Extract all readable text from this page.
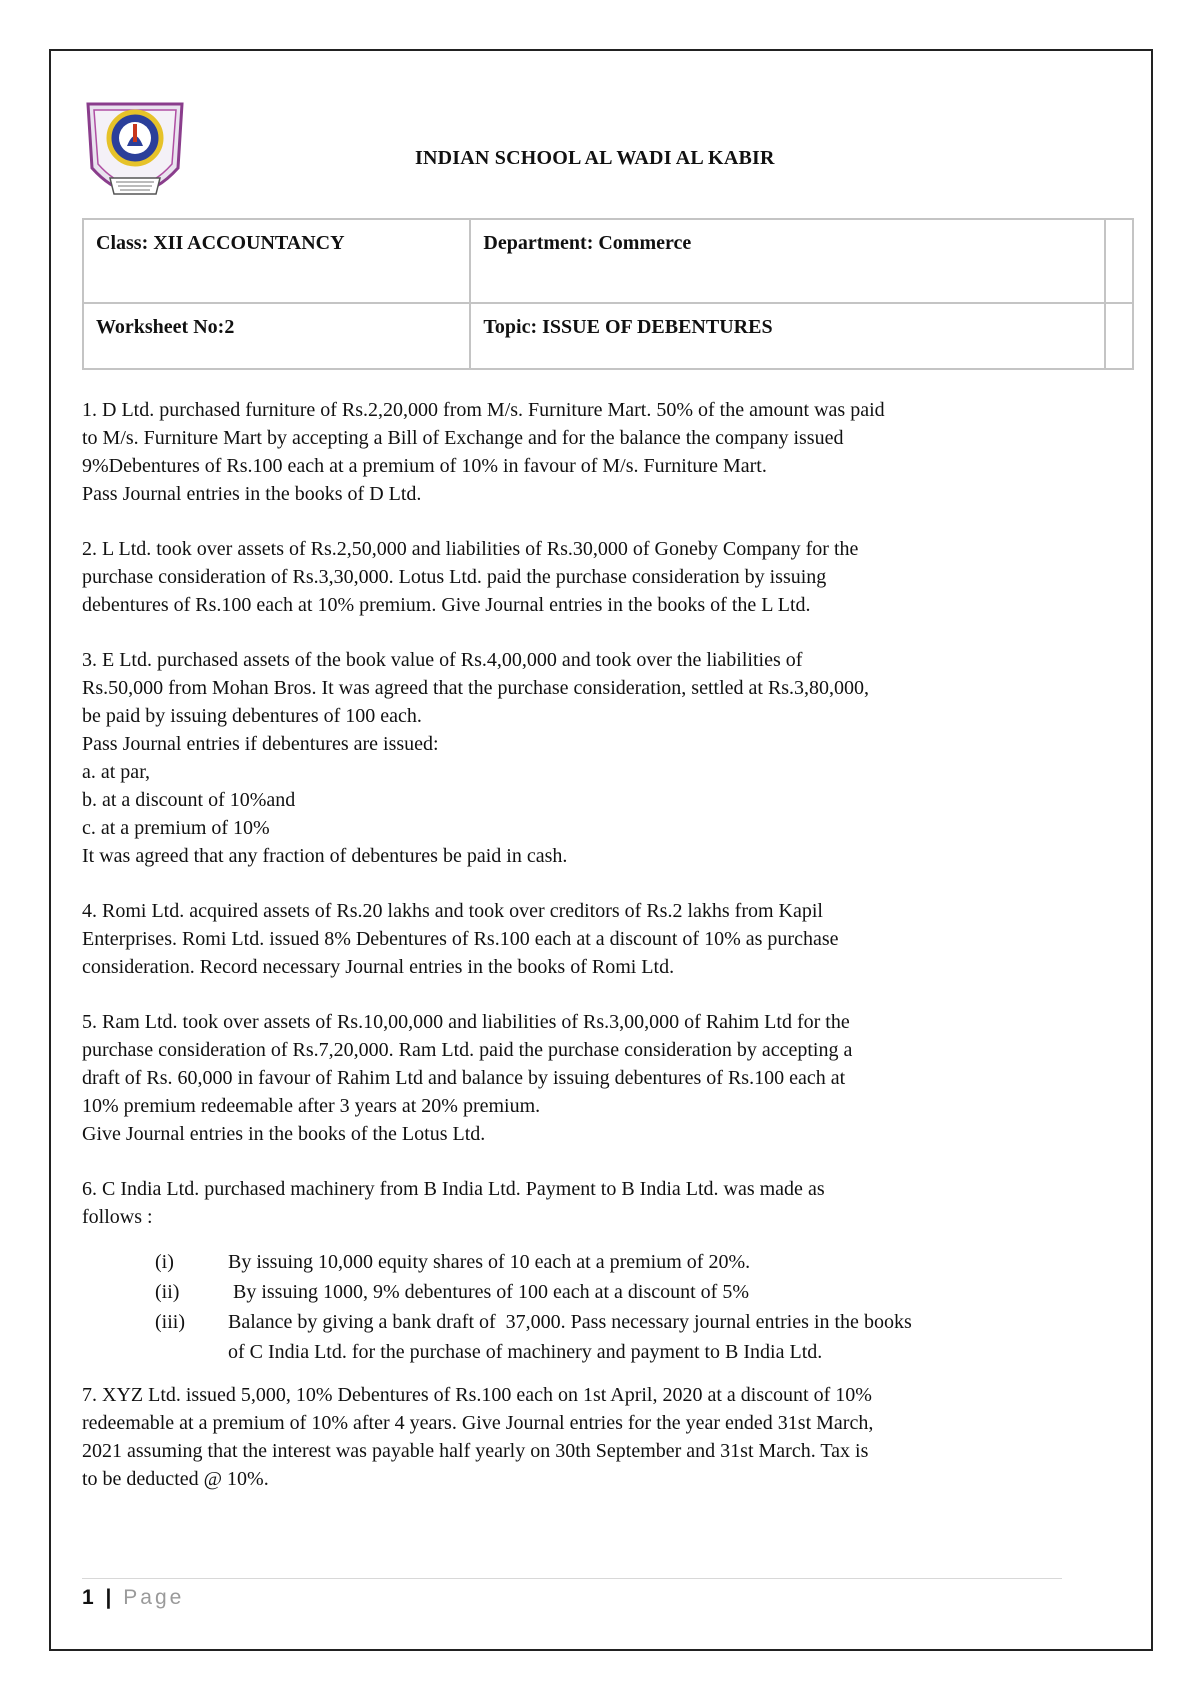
INDIAN SCHOOL AL WADI AL KABIR
Class: XII ACCOUNTANCY	Department: Commerce	
Worksheet No:2	Topic: ISSUE OF DEBENTURES	

1. D Ltd. purchased furniture of Rs.2,20,000 from M/s. Furniture Mart. 50% of the amount was paid

to M/s. Furniture Mart by accepting a Bill of Exchange and for the balance the company issued

9%Debentures of Rs.100 each at a premium of 10% in favour of M/s. Furniture Mart.

Pass Journal entries in the books of D Ltd.

2. L Ltd. took over assets of Rs.2,50,000 and liabilities of Rs.30,000 of Goneby Company for the

purchase consideration of Rs.3,30,000. Lotus Ltd. paid the purchase consideration by issuing

debentures of Rs.100 each at 10% premium. Give Journal entries in the books of the L Ltd.

3. E Ltd. purchased assets of the book value of Rs.4,00,000 and took over the liabilities of

Rs.50,000 from Mohan Bros. It was agreed that the purchase consideration, settled at Rs.3,80,000,

be paid by issuing debentures of 100 each.

Pass Journal entries if debentures are issued:

a. at par,

b. at a discount of 10%and

c. at a premium of 10%

It was agreed that any fraction of debentures be paid in cash.

4. Romi Ltd. acquired assets of Rs.20 lakhs and took over creditors of Rs.2 lakhs from Kapil

Enterprises. Romi Ltd. issued 8% Debentures of Rs.100 each at a discount of 10% as purchase

consideration. Record necessary Journal entries in the books of Romi Ltd.

5. Ram Ltd. took over assets of Rs.10,00,000 and liabilities of Rs.3,00,000 of Rahim Ltd for the

purchase consideration of Rs.7,20,000. Ram Ltd. paid the purchase consideration by accepting a

draft of Rs. 60,000 in favour of Rahim Ltd and balance by issuing debentures of Rs.100 each at

10% premium redeemable after 3 years at 20% premium.

Give Journal entries in the books of the Lotus Ltd.

6. C India Ltd. purchased machinery from B India Ltd. Payment to B India Ltd. was made as

follows :

(i)	By issuing 10,000 equity shares of 10 each at a premium of 20%.
(ii) By issuing 1000, 9% debentures of 100 each at a discount of 5%
(iii) Balance by giving a bank draft of  37,000. Pass necessary journal entries in the books
of C India Ltd. for the purchase of machinery and payment to B India Ltd.

7. XYZ Ltd. issued 5,000, 10% Debentures of Rs.100 each on 1st April, 2020 at a discount of 10%

redeemable at a premium of 10% after 4 years. Give Journal entries for the year ended 31st March,

2021 assuming that the interest was payable half yearly on 30th September and 31st March. Tax is

to be deducted @ 10%.

1 | Page
